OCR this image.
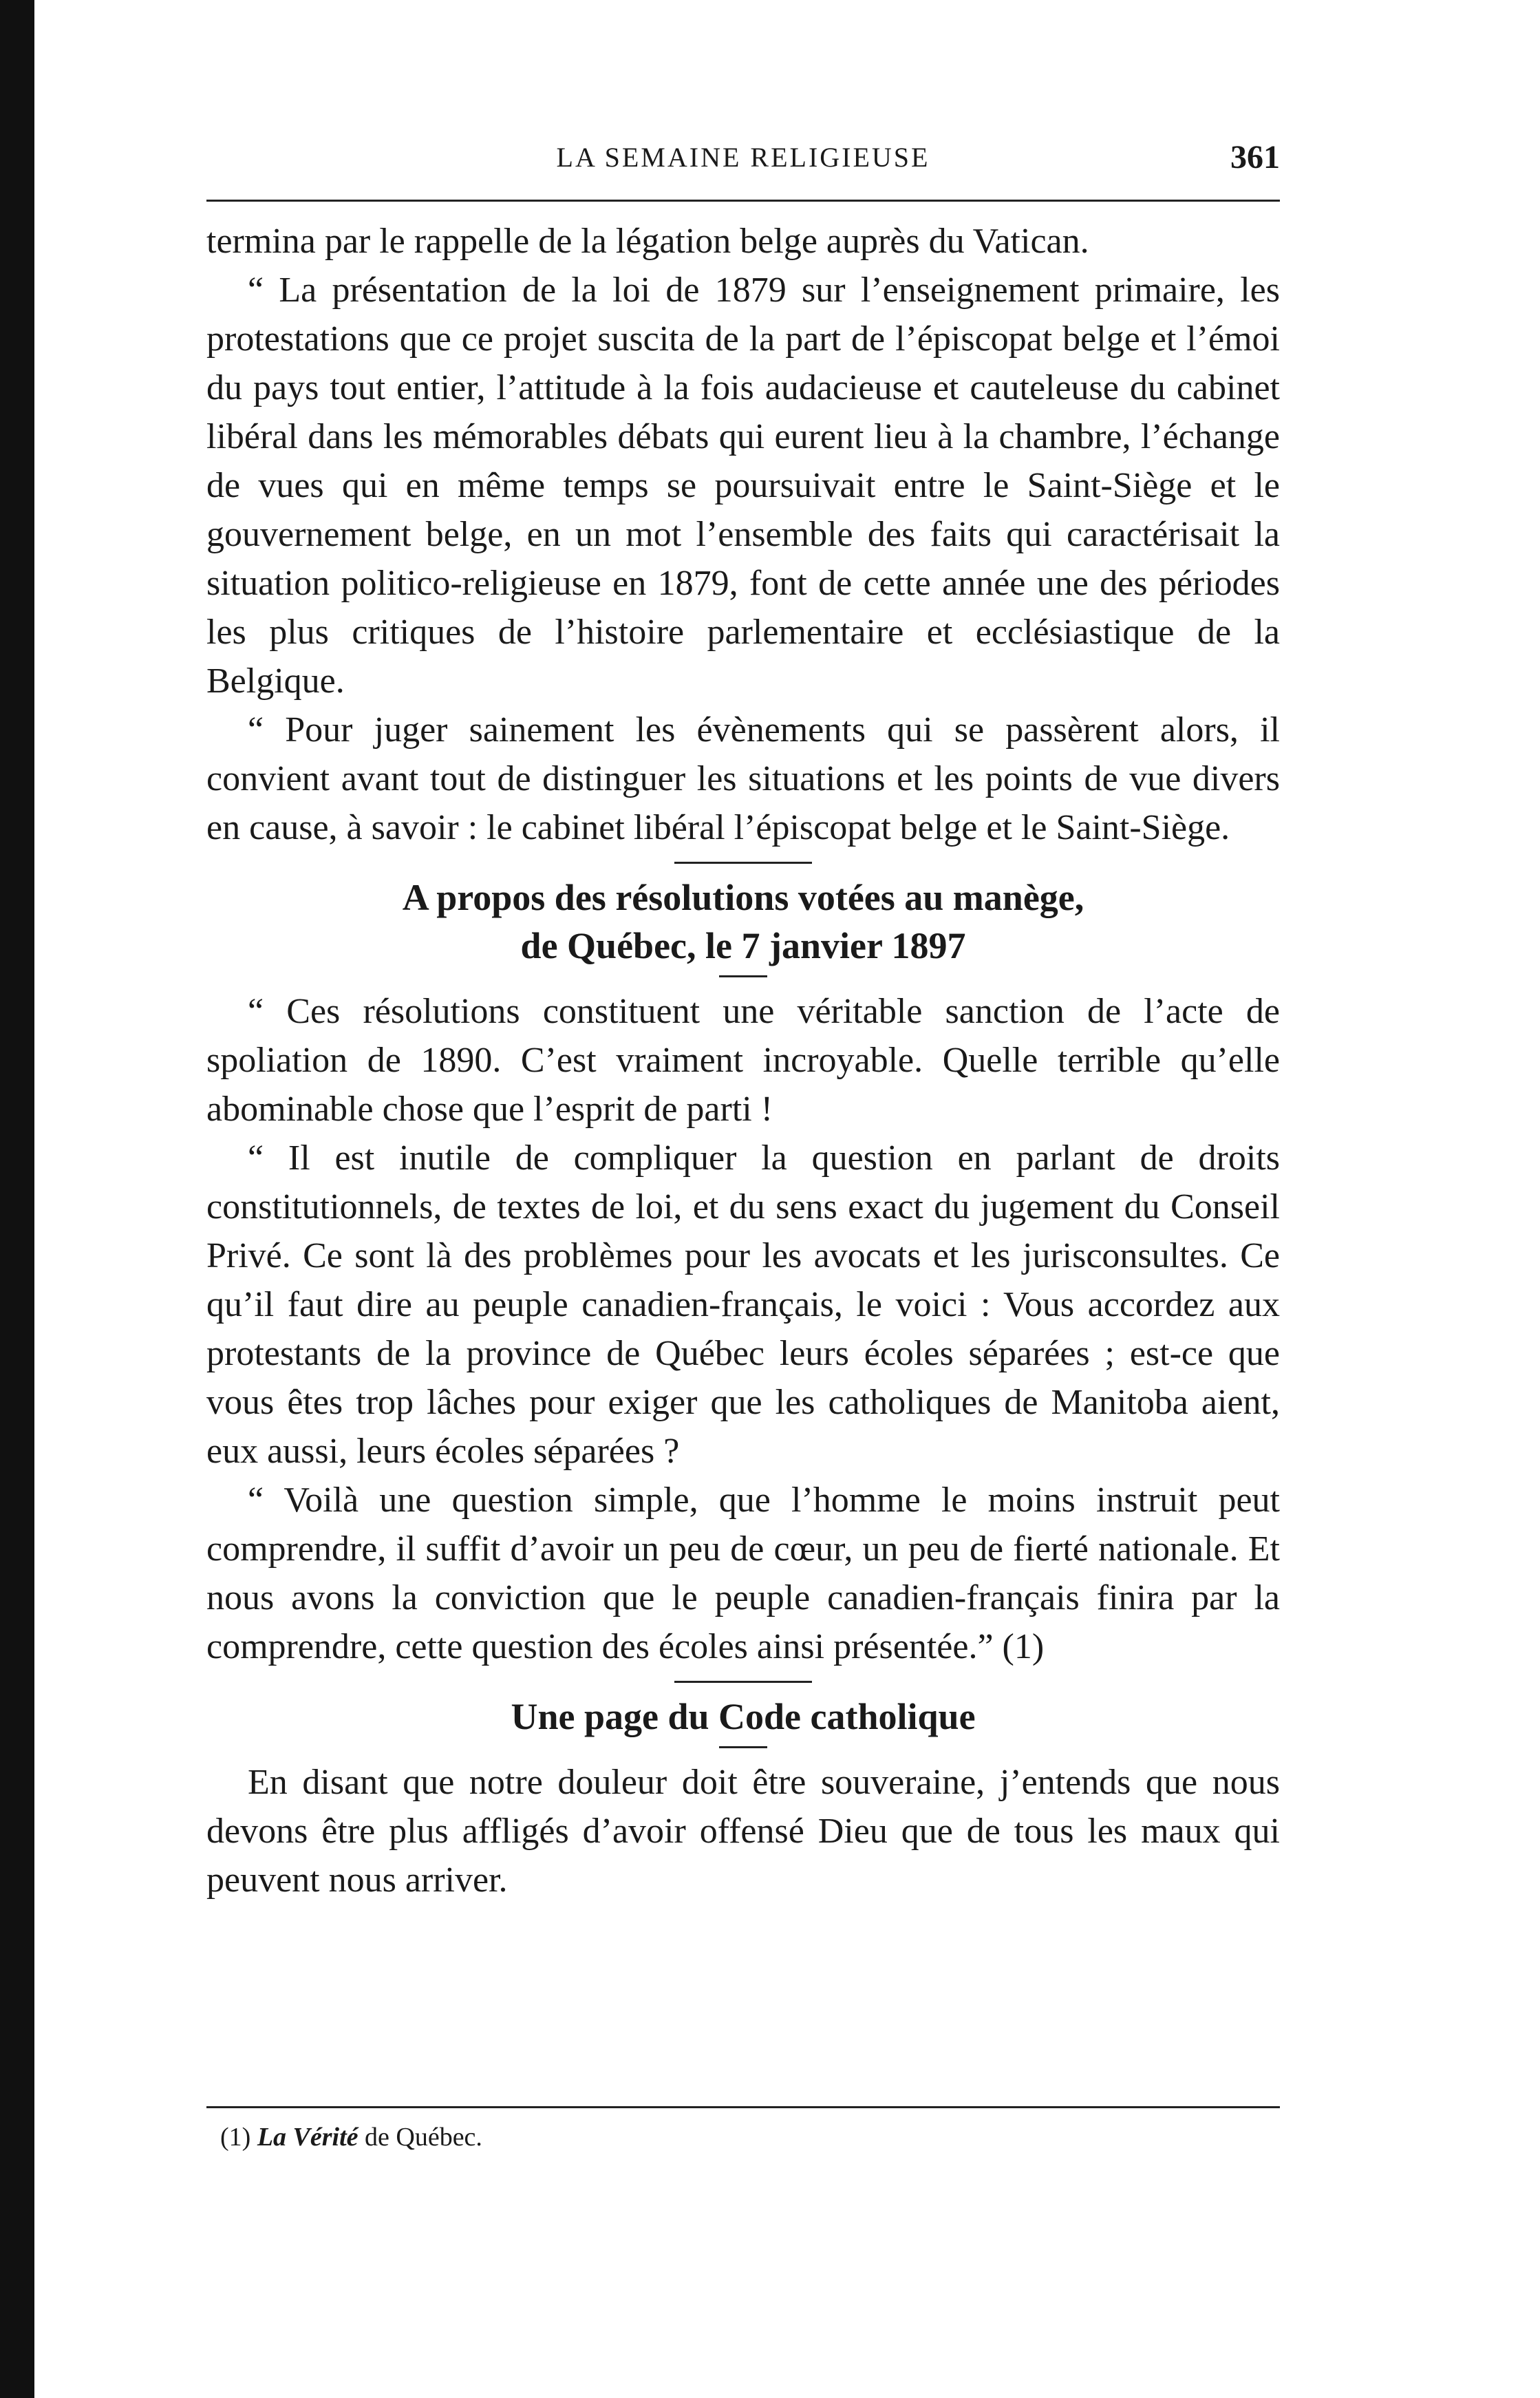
LA SEMAINE RELIGIEUSE	361

termina par le rappelle de la légation belge auprès du Vatican.

“ La présentation de la loi de 1879 sur l’enseignement primaire, les protestations que ce projet suscita de la part de l’épiscopat belge et l’émoi du pays tout entier, l’attitude à la fois audacieuse et cauteleuse du cabinet libéral dans les mémorables débats qui eurent lieu à la chambre, l’échange de vues qui en même temps se poursuivait entre le Saint-Siège et le gouvernement belge, en un mot l’ensemble des faits qui caractérisait la situation politico-religieuse en 1879, font de cette année une des périodes les plus critiques de l’histoire parlementaire et ecclésiastique de la Belgique.

“ Pour juger sainement les évènements qui se passèrent alors, il convient avant tout de distinguer les situations et les points de vue divers en cause, à savoir : le cabinet libéral l’épiscopat belge et le Saint-Siège.

A propos des résolutions votées au manège,
de Québec, le 7 janvier 1897

“ Ces résolutions constituent une véritable sanction de l’acte de spoliation de 1890. C’est vraiment incroyable. Quelle terrible qu’elle abominable chose que l’esprit de parti !

“ Il est inutile de compliquer la question en parlant de droits constitutionnels, de textes de loi, et du sens exact du jugement du Conseil Privé. Ce sont là des problèmes pour les avocats et les jurisconsultes. Ce qu’il faut dire au peuple canadien-français, le voici : Vous accordez aux protestants de la province de Québec leurs écoles séparées ; est-ce que vous êtes trop lâches pour exiger que les catholiques de Manitoba aient, eux aussi, leurs écoles séparées ?

“ Voilà une question simple, que l’homme le moins instruit peut comprendre, il suffit d’avoir un peu de cœur, un peu de fierté nationale. Et nous avons la conviction que le peuple canadien-français finira par la comprendre, cette question des écoles ainsi présentée.” (1)

Une page du Code catholique

En disant que notre douleur doit être souveraine, j’entends que nous devons être plus affligés d’avoir offensé Dieu que de tous les maux qui peuvent nous arriver.

(1) La Vérité de Québec.
